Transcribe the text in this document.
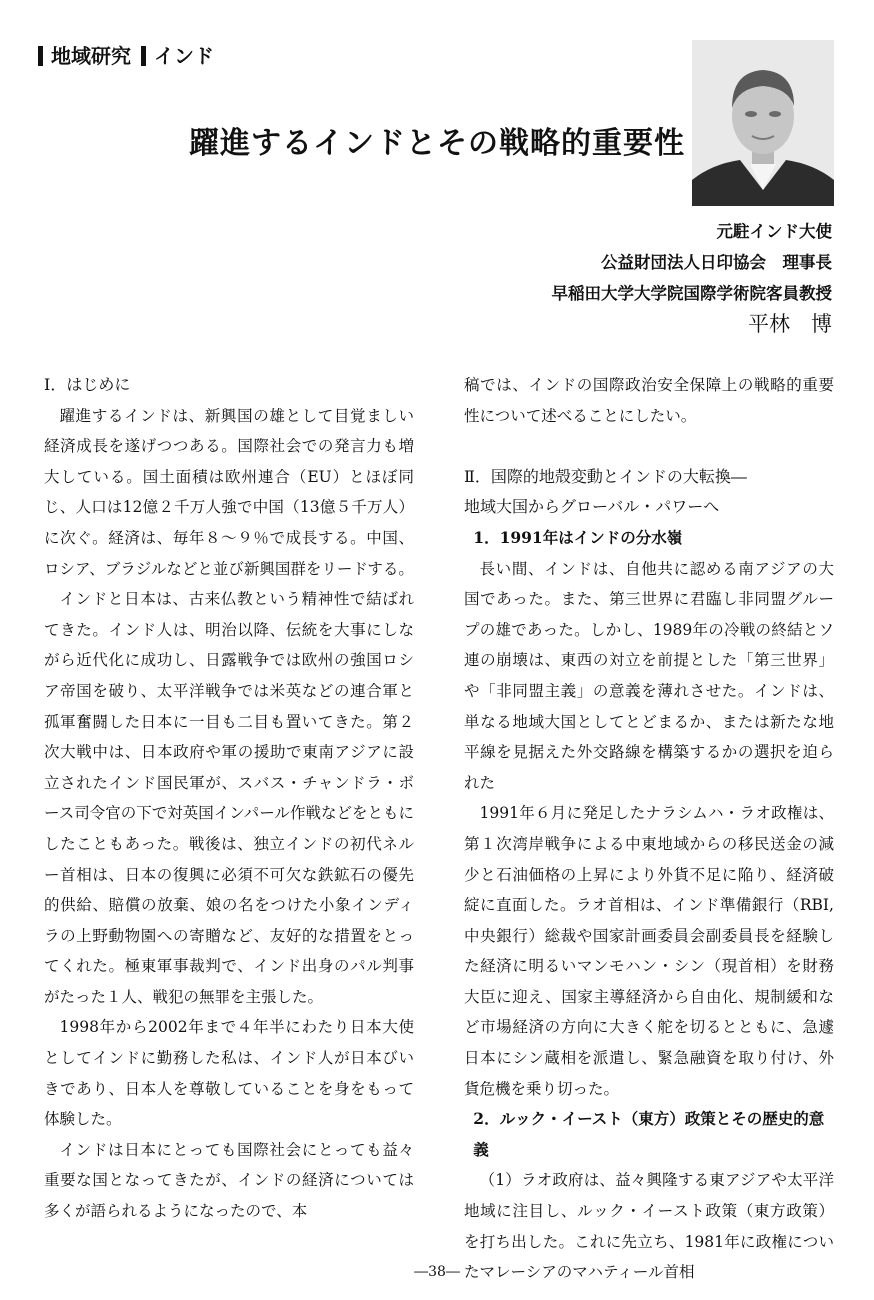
地域研究 インド
躍進するインドとその戦略的重要性
元駐インド大使
公益財団法人日印協会　理事長
早稲田大学大学院国際学術院客員教授
平林　博
Ⅰ．はじめに

躍進するインドは、新興国の雄として目覚ましい経済成長を遂げつつある。国際社会での発言力も増大している。国土面積は欧州連合（EU）とほぼ同じ、人口は12億２千万人強で中国（13億５千万人）に次ぐ。経済は、毎年８〜９％で成長する。中国、ロシア、ブラジルなどと並び新興国群をリードする。

インドと日本は、古来仏教という精神性で結ばれてきた。インド人は、明治以降、伝統を大事にしながら近代化に成功し、日露戦争では欧州の強国ロシア帝国を破り、太平洋戦争では米英などの連合軍と孤軍奮闘した日本に一目も二目も置いてきた。第２次大戦中は、日本政府や軍の援助で東南アジアに設立されたインド国民軍が、スバス・チャンドラ・ボース司令官の下で対英国インパール作戦などをともにしたこともあった。戦後は、独立インドの初代ネルー首相は、日本の復興に必須不可欠な鉄鉱石の優先的供給、賠償の放棄、娘の名をつけた小象インディラの上野動物園への寄贈など、友好的な措置をとってくれた。極東軍事裁判で、インド出身のパル判事がたった１人、戦犯の無罪を主張した。

1998年から2002年まで４年半にわたり日本大使としてインドに勤務した私は、インド人が日本びいきであり、日本人を尊敬していることを身をもって体験した。

インドは日本にとっても国際社会にとっても益々重要な国となってきたが、インドの経済については多くが語られるようになったので、本

稿では、インドの国際政治安全保障上の戦略的重要性について述べることにしたい。

Ⅱ．国際的地殻変動とインドの大転換―
地域大国からグローバル・パワーへ
1．1991年はインドの分水嶺

長い間、インドは、自他共に認める南アジアの大国であった。また、第三世界に君臨し非同盟グループの雄であった。しかし、1989年の冷戦の終結とソ連の崩壊は、東西の対立を前提とした「第三世界」や「非同盟主義」の意義を薄れさせた。インドは、単なる地域大国としてとどまるか、または新たな地平線を見据えた外交路線を構築するかの選択を迫られた

1991年６月に発足したナラシムハ・ラオ政権は、第１次湾岸戦争による中東地域からの移民送金の減少と石油価格の上昇により外貨不足に陥り、経済破綻に直面した。ラオ首相は、インド準備銀行（RBI,中央銀行）総裁や国家計画委員会副委員長を経験した経済に明るいマンモハン・シン（現首相）を財務大臣に迎え、国家主導経済から自由化、規制緩和など市場経済の方向に大きく舵を切るとともに、急遽日本にシン蔵相を派遣し、緊急融資を取り付け、外貨危機を乗り切った。

2．ルック・イースト（東方）政策とその歴史的意義

（1）ラオ政府は、益々興隆する東アジアや太平洋地域に注目し、ルック・イースト政策（東方政策）を打ち出した。これに先立ち、1981年に政権についたマレーシアのマハティール首相

―38―
